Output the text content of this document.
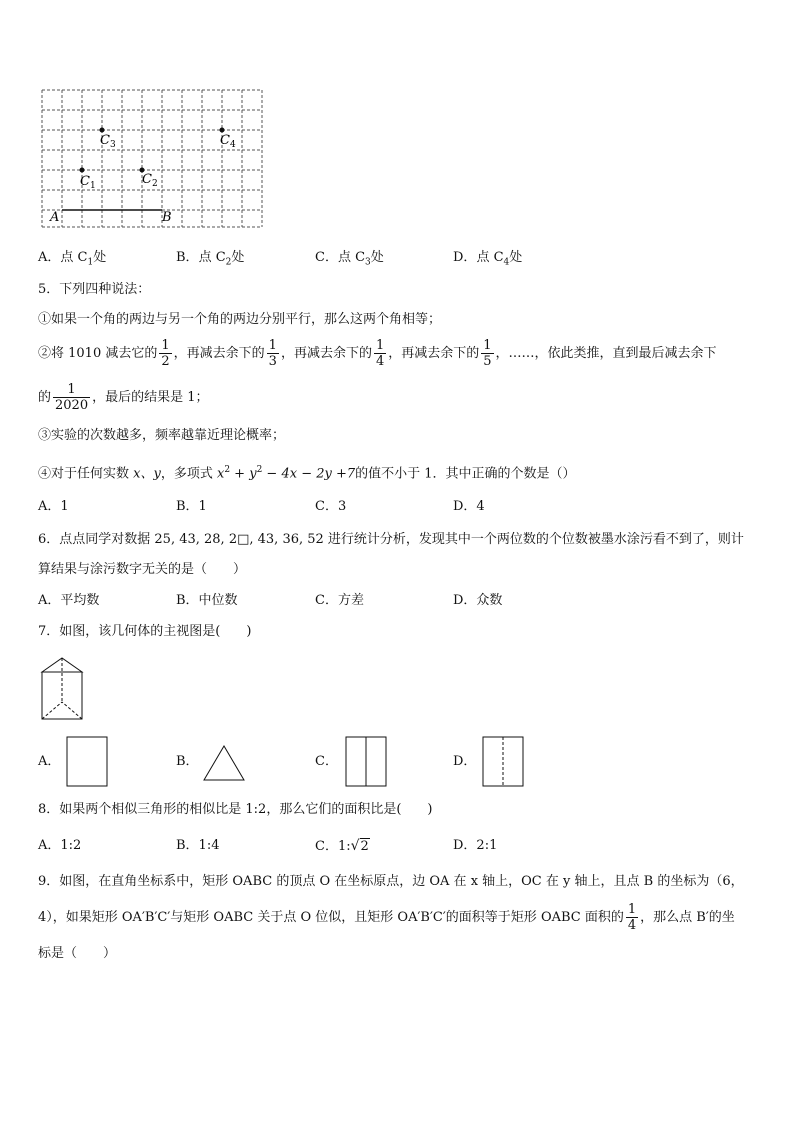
$C_1$	$C_2$
$C_3$	$C_4$
A	B
A．点 $C_1$处	B．点 $C_2$处	C．点 $C_3$处	D．点 $C_4$处
5．下列四种说法：
①如果一个角的两边与另一个角的两边分别平行，那么这两个角相等；
②将 1010 减去它的 $\frac{1}{2}$ ，再减去余下的 $\frac{1}{3}$ ，再减去余下的 $\frac{1}{4}$ ，再减去余下的 $\frac{1}{5}$ ，……，依此类推，直到最后减去余下
的 $\frac{1}{2020}$ ，最后的结果是 1；
③实验的次数越多，频率越靠近理论概率；
④对于任何实数 x、y，多项式 $x^2 + y^2 - 4x - 2y +7$的值不小于 1．其中正确的个数是（）
A．1	B．1	C．3	D．4
6．点点同学对数据 25, 43, 28, 2□, 43, 36, 52 进行统计分析，发现其中一个两位数的个位数被墨水涂污看不到了，则计
算结果与涂污数字无关的是（　　）
A．平均数	B．中位数	C．方差	D．众数
7．如图，该几何体的主视图是(　　)
A．	B．	C．	D．
8．如果两个相似三角形的相似比是 1:2，那么它们的面积比是(　　)
A．1:2	B．1:4	C．1:√2	D．2:1
9．如图，在直角坐标系中，矩形 OABC 的顶点 O 在坐标原点，边 OA 在 x 轴上，OC 在 y 轴上，且点 B 的坐标为（6，
4），如果矩形 OA′B′C′与矩形 OABC 关于点 O 位似，且矩形 OA′B′C′的面积等于矩形 OABC 面积的 $\frac{1}{4}$ ，那么点 B′的坐
标是（　　）
